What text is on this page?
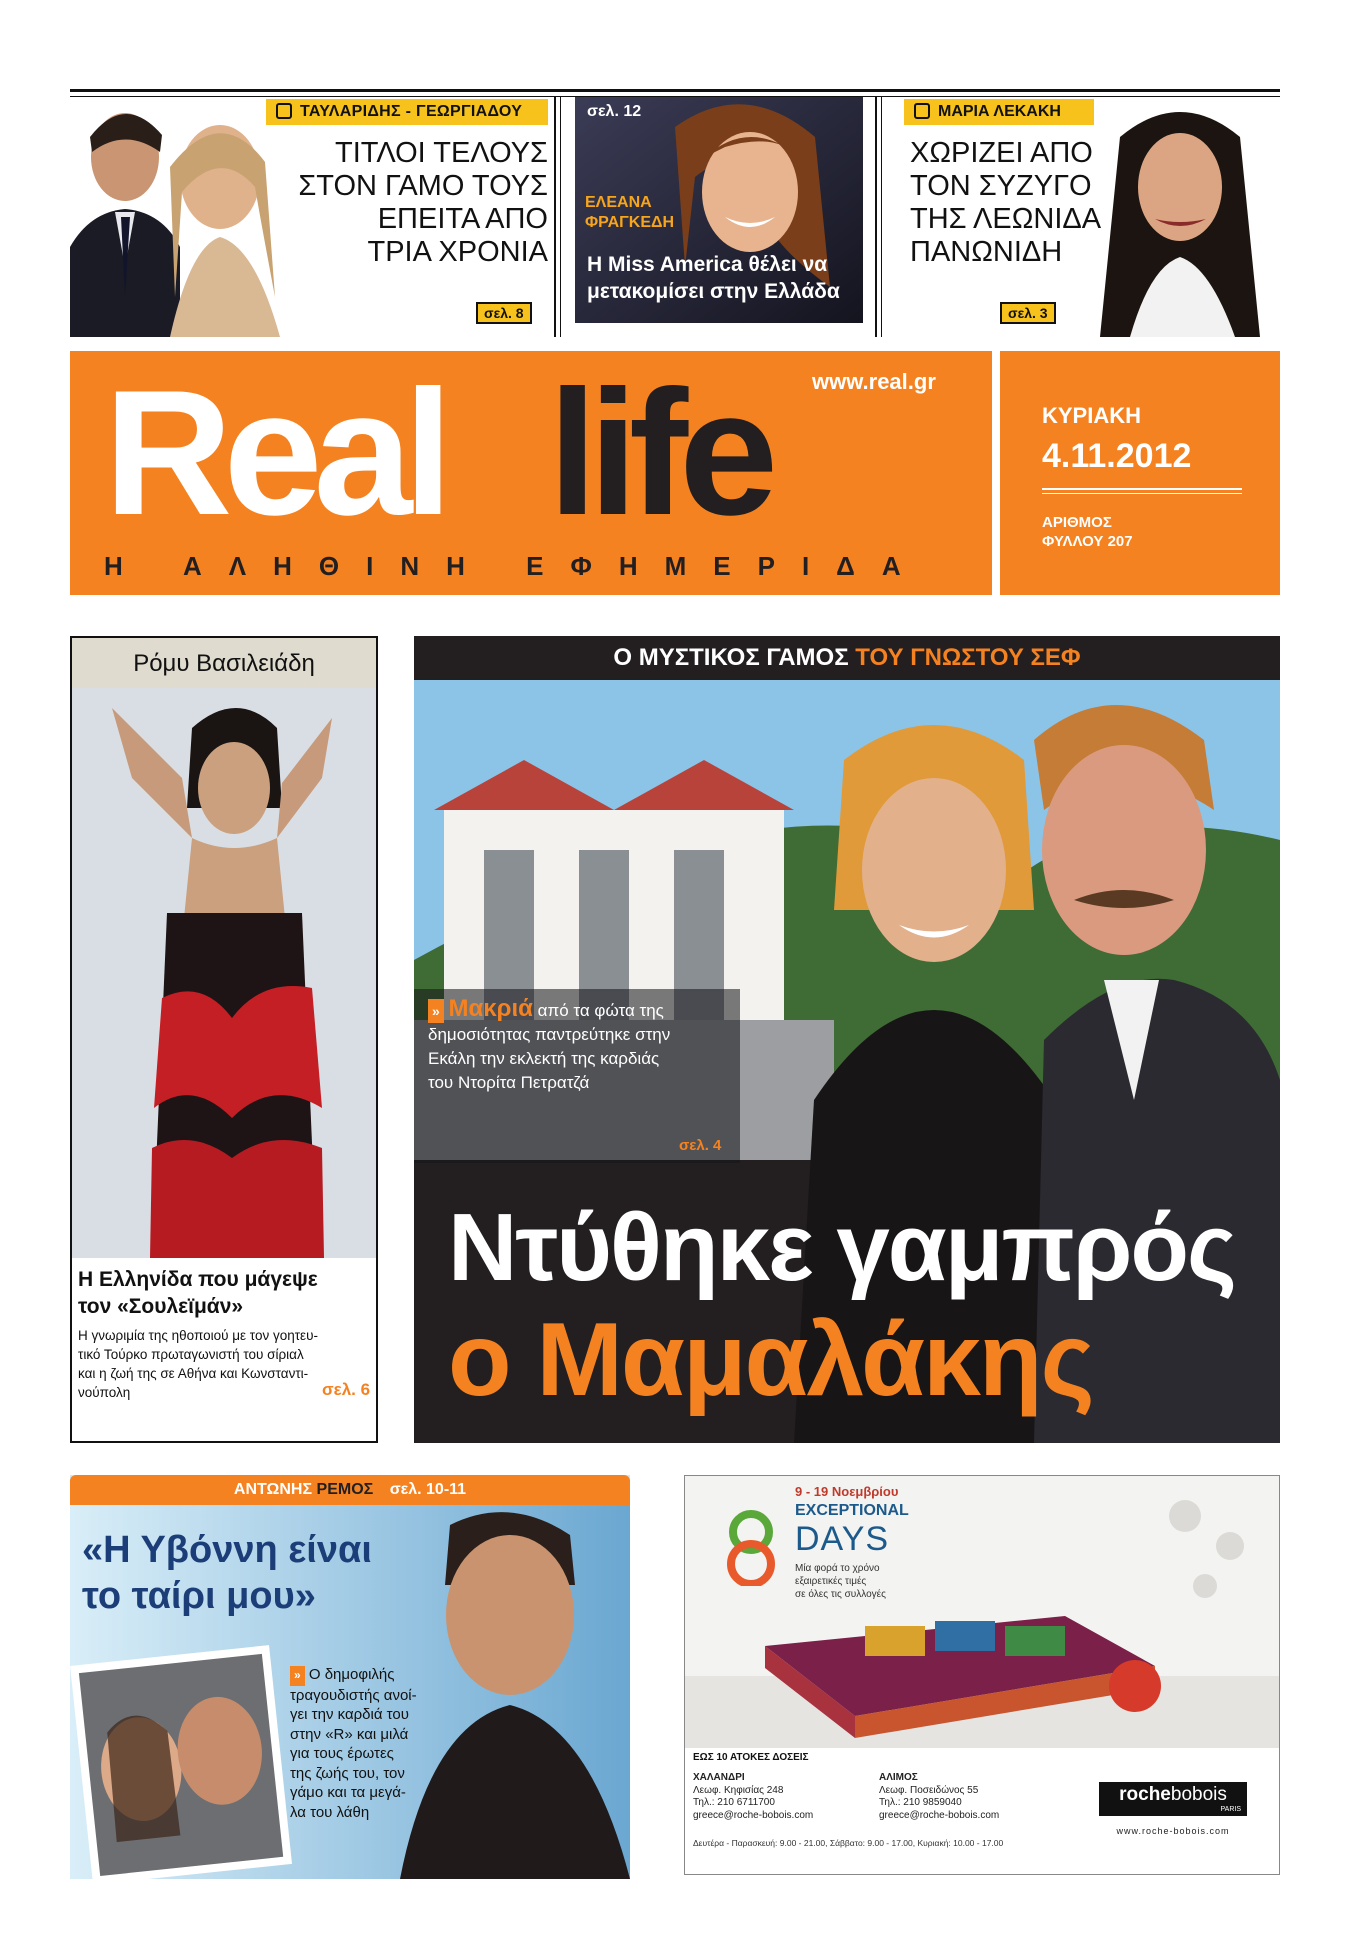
ΤΑΥΛΑΡΙΔΗΣ - ΓΕΩΡΓΙΑΔΟΥ
ΤΙΤΛΟΙ ΤΕΛΟΥΣ
ΣΤΟΝ ΓΑΜΟ ΤΟΥΣ
ΕΠΕΙΤΑ ΑΠΟ
ΤΡΙΑ ΧΡΟΝΙΑ
σελ. 8
σελ. 12
ΕΛΕΑΝΑ
ΦΡΑΓΚΕΔΗ
Η Miss America θέλει να
μετακομίσει στην Ελλάδα
ΜΑΡΙΑ ΛΕΚΑΚΗ
ΧΩΡΙΖΕΙ ΑΠΟ
ΤΟΝ ΣΥΖΥΓΟ
ΤΗΣ ΛΕΩΝΙΔΑ
ΠΑΝΩΝΙΔΗ
σελ. 3
Real life www.real.gr
Η ΑΛΗΘΙΝΗ ΕΦΗΜΕΡΙΔΑ
ΚΥΡΙΑΚΗ
4.11.2012
ΑΡΙΘΜΟΣ
ΦΥΛΛΟΥ 207
Ρόμυ Βασιλειάδη
Η Ελληνίδα που μάγεψε
τον «Σουλεϊμάν»
Η γνωριμία της ηθοποιού με τον γοητευ-
τικό Τούρκο πρωταγωνιστή του σίριαλ
και η ζωή της σε Αθήνα και Κωνσταντι-
νούπολη	σελ. 6
Ο ΜΥΣΤΙΚΟΣ ΓΑΜΟΣ ΤΟΥ ΓΝΩΣΤΟΥ ΣΕΦ
» Μακριά από τα φώτα της
δημοσιότητας παντρεύτηκε στην
Εκάλη την εκλεκτή της καρδιάς
του Ντορίτα Πετρατζά
σελ. 4
Ντύθηκε γαμπρός
ο Μαμαλάκης
ΑΝΤΩΝΗΣ ΡΕΜΟΣ σελ. 10-11
«Η Υβόννη είναι
το ταίρι μου»
» Ο δημοφιλής
τραγουδιστής ανοί-
γει την καρδιά του
στην «R» και μιλά
για τους έρωτες
της ζωής του, τον
γάμο και τα μεγά-
λα του λάθη
9 - 19 Νοεμβρίου
EXCEPTIONAL
DAYS
Μία φορά το χρόνο
εξαιρετικές τιμές
σε όλες τις συλλογές
ΕΩΣ 10 ΑΤΟΚΕΣ ΔΟΣΕΙΣ
ΧΑΛΑΝΔΡΙ
Λεωφ. Κηφισίας 248
Τηλ.: 210 6711700
greece@roche-bobois.com
ΑΛΙΜΟΣ
Λεωφ. Ποσειδώνος 55
Τηλ.: 210 9859040
greece@roche-bobois.com
rochebobois
PARIS
www.roche-bobois.com
Δευτέρα - Παρασκευή: 9.00 - 21.00, Σάββατο: 9.00 - 17.00, Κυριακή: 10.00 - 17.00
